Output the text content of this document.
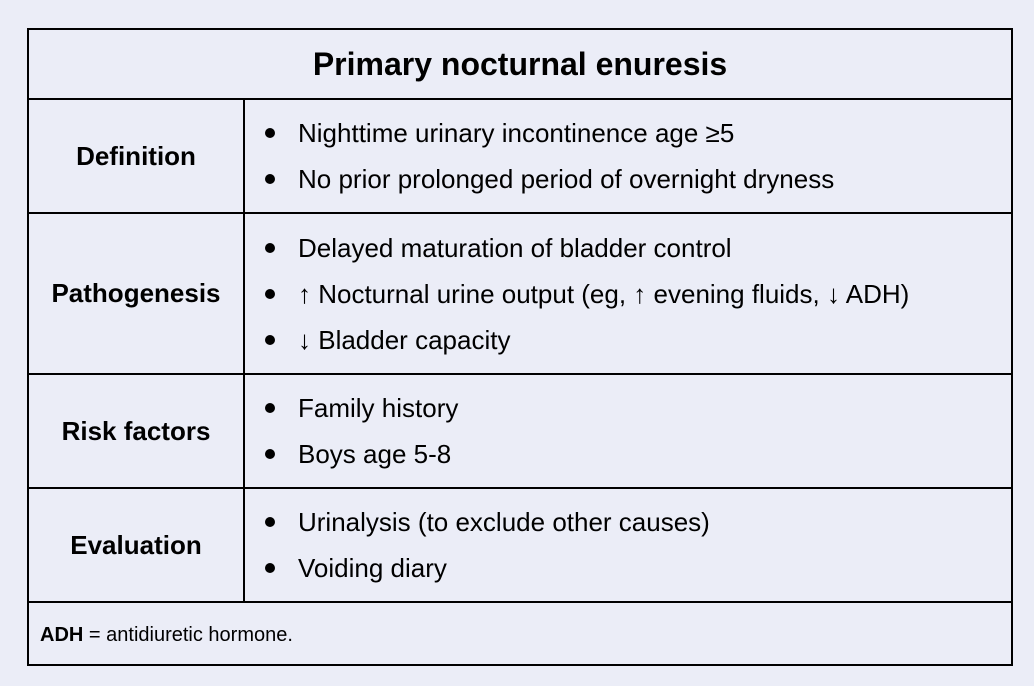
Primary nocturnal enuresis
Definition
Nighttime urinary incontinence age ≥5
No prior prolonged period of overnight dryness
Pathogenesis
Delayed maturation of bladder control
↑ Nocturnal urine output (eg, ↑ evening fluids, ↓ ADH)
↓ Bladder capacity
Risk factors
Family history
Boys age 5-8
Evaluation
Urinalysis (to exclude other causes)
Voiding diary
ADH = antidiuretic hormone.
